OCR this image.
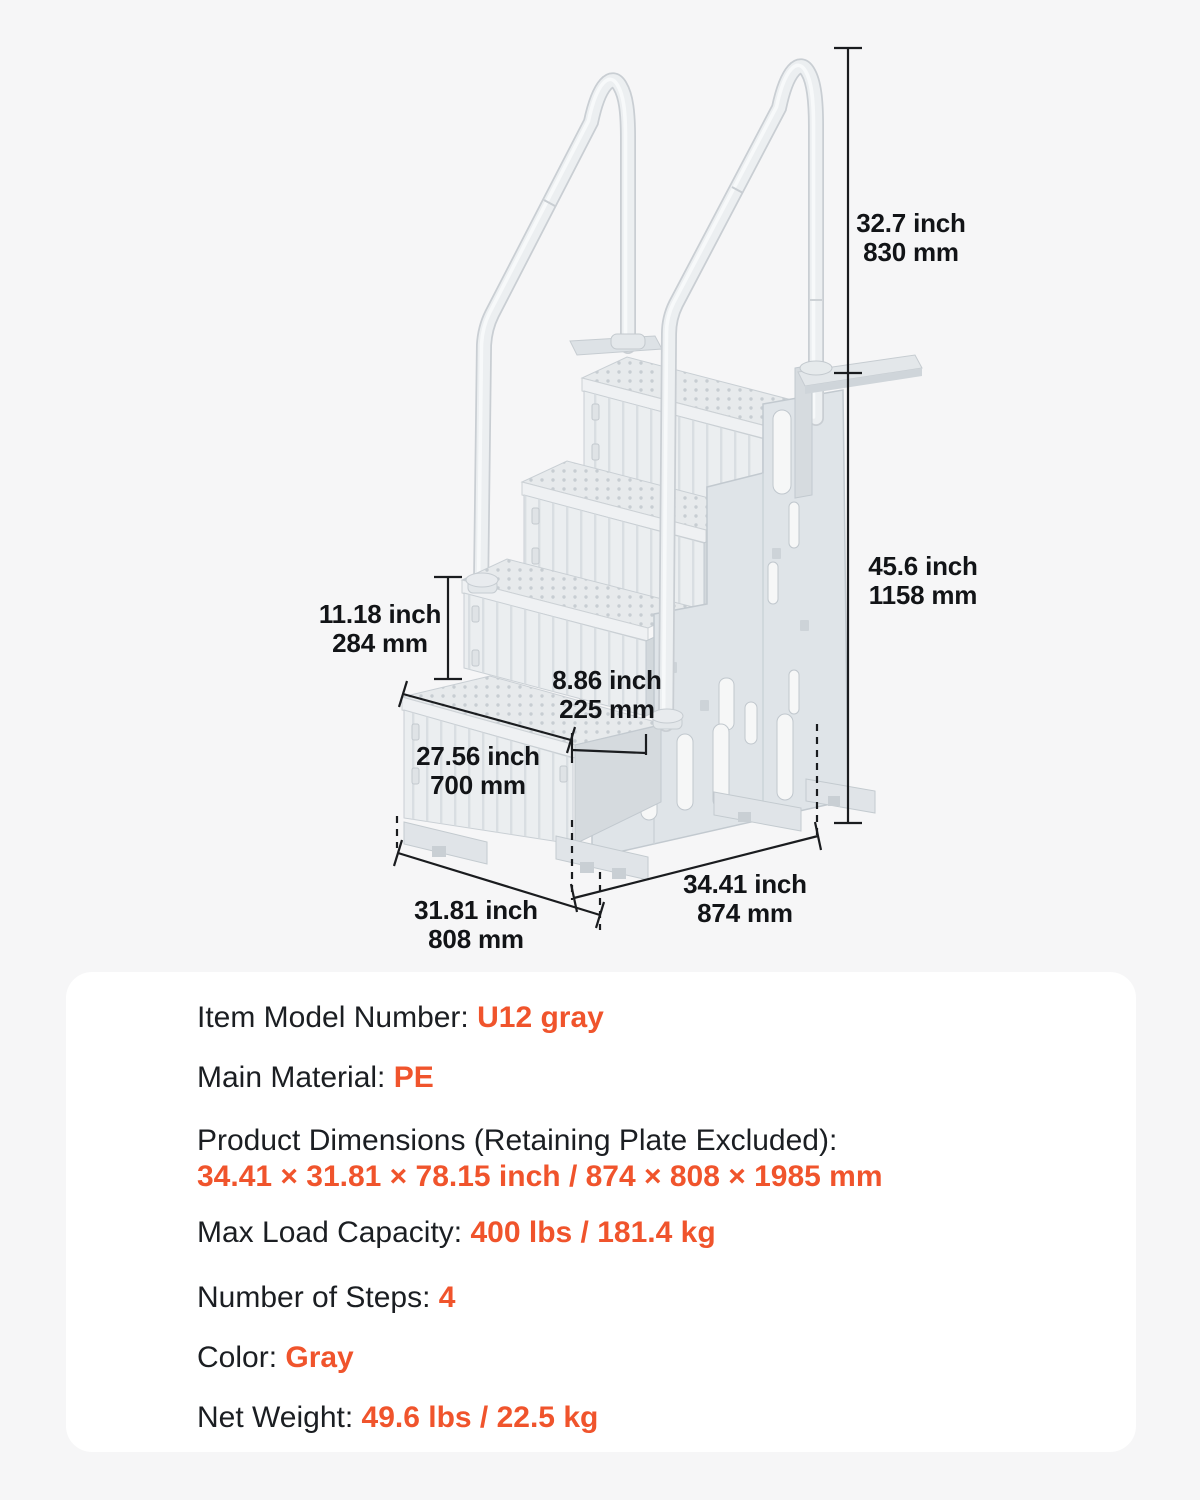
32.7 inch
830 mm
45.6 inch
1158 mm
11.18 inch
284 mm
8.86 inch
225 mm
27.56 inch
700 mm
34.41 inch
874 mm
31.81 inch
808 mm
Item Model Number: U12 gray
Main Material: PE
Product Dimensions (Retaining Plate Excluded):
34.41 × 31.81 × 78.15 inch / 874 × 808 × 1985 mm
Max Load Capacity: 400 lbs / 181.4 kg
Number of Steps: 4
Color: Gray
Net Weight: 49.6 lbs / 22.5 kg
